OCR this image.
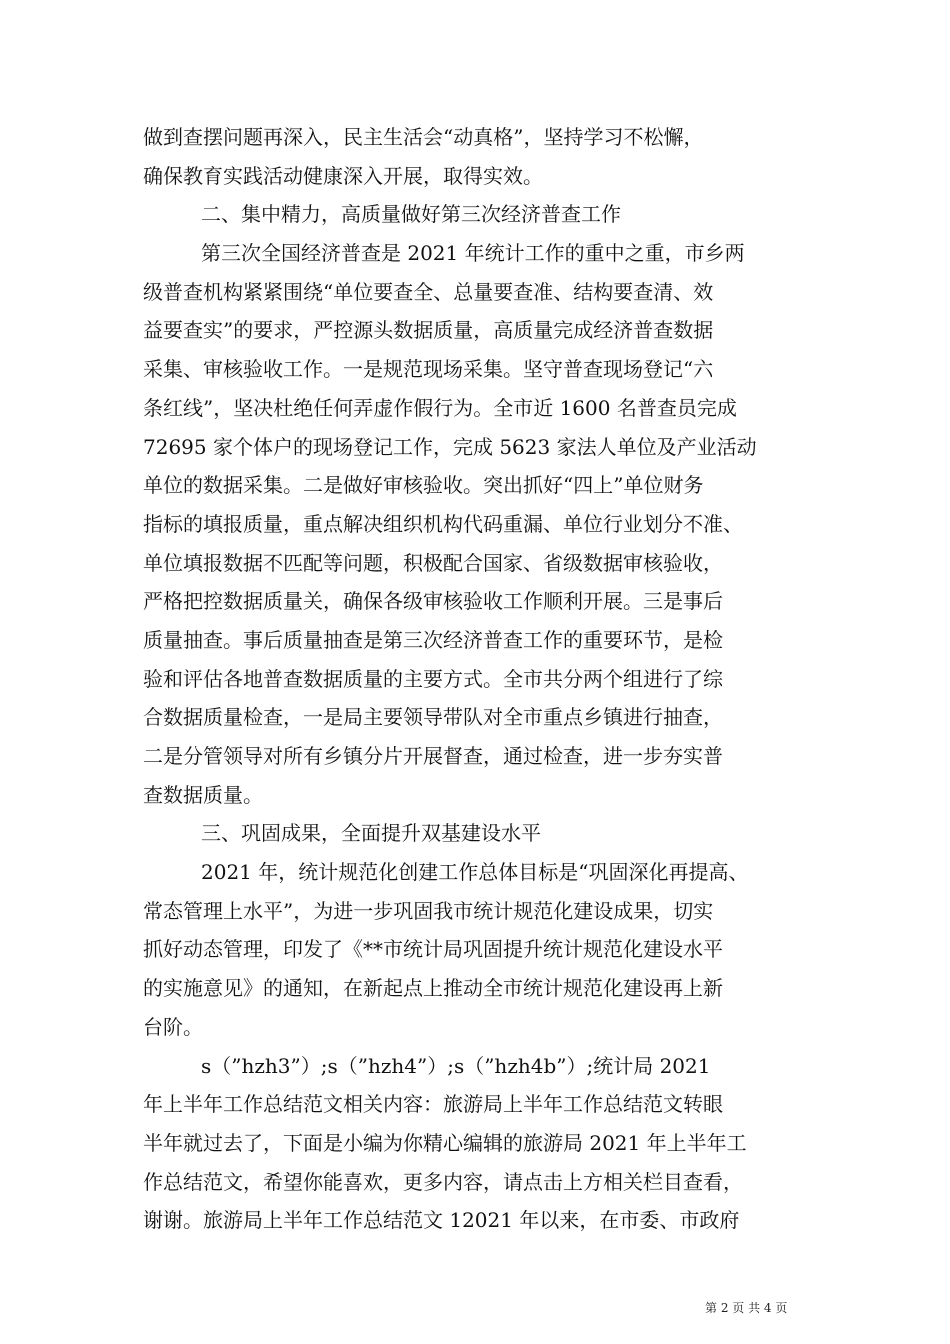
做到查摆问题再深入，民主生活会“动真格”，坚持学习不松懈，
确保教育实践活动健康深入开展，取得实效。
二、集中精力，高质量做好第三次经济普查工作
第三次全国经济普查是 2021 年统计工作的重中之重，市乡两
级普查机构紧紧围绕“单位要查全、总量要查准、结构要查清、效
益要查实”的要求，严控源头数据质量，高质量完成经济普查数据
采集、审核验收工作。一是规范现场采集。坚守普查现场登记“六
条红线”，坚决杜绝任何弄虚作假行为。全市近 1600 名普查员完成
72695 家个体户的现场登记工作，完成 5623 家法人单位及产业活动
单位的数据采集。二是做好审核验收。突出抓好“四上”单位财务
指标的填报质量，重点解决组织机构代码重漏、单位行业划分不准、
单位填报数据不匹配等问题，积极配合国家、省级数据审核验收，
严格把控数据质量关，确保各级审核验收工作顺利开展。三是事后
质量抽查。事后质量抽查是第三次经济普查工作的重要环节，是检
验和评估各地普查数据质量的主要方式。全市共分两个组进行了综
合数据质量检查，一是局主要领导带队对全市重点乡镇进行抽查，
二是分管领导对所有乡镇分片开展督查，通过检查，进一步夯实普
查数据质量。
三、巩固成果，全面提升双基建设水平
2021 年，统计规范化创建工作总体目标是“巩固深化再提高、
常态管理上水平”，为进一步巩固我市统计规范化建设成果，切实
抓好动态管理，印发了《**市统计局巩固提升统计规范化建设水平
的实施意见》的通知，在新起点上推动全市统计规范化建设再上新
台阶。
s（”hzh3”）;s（”hzh4”）;s（”hzh4b”）;统计局 2021
年上半年工作总结范文相关内容：旅游局上半年工作总结范文转眼
半年就过去了，下面是小编为你精心编辑的旅游局 2021 年上半年工
作总结范文，希望你能喜欢，更多内容，请点击上方相关栏目查看，
谢谢。旅游局上半年工作总结范文 12021 年以来，在市委、市政府
第 2 页 共 4 页
